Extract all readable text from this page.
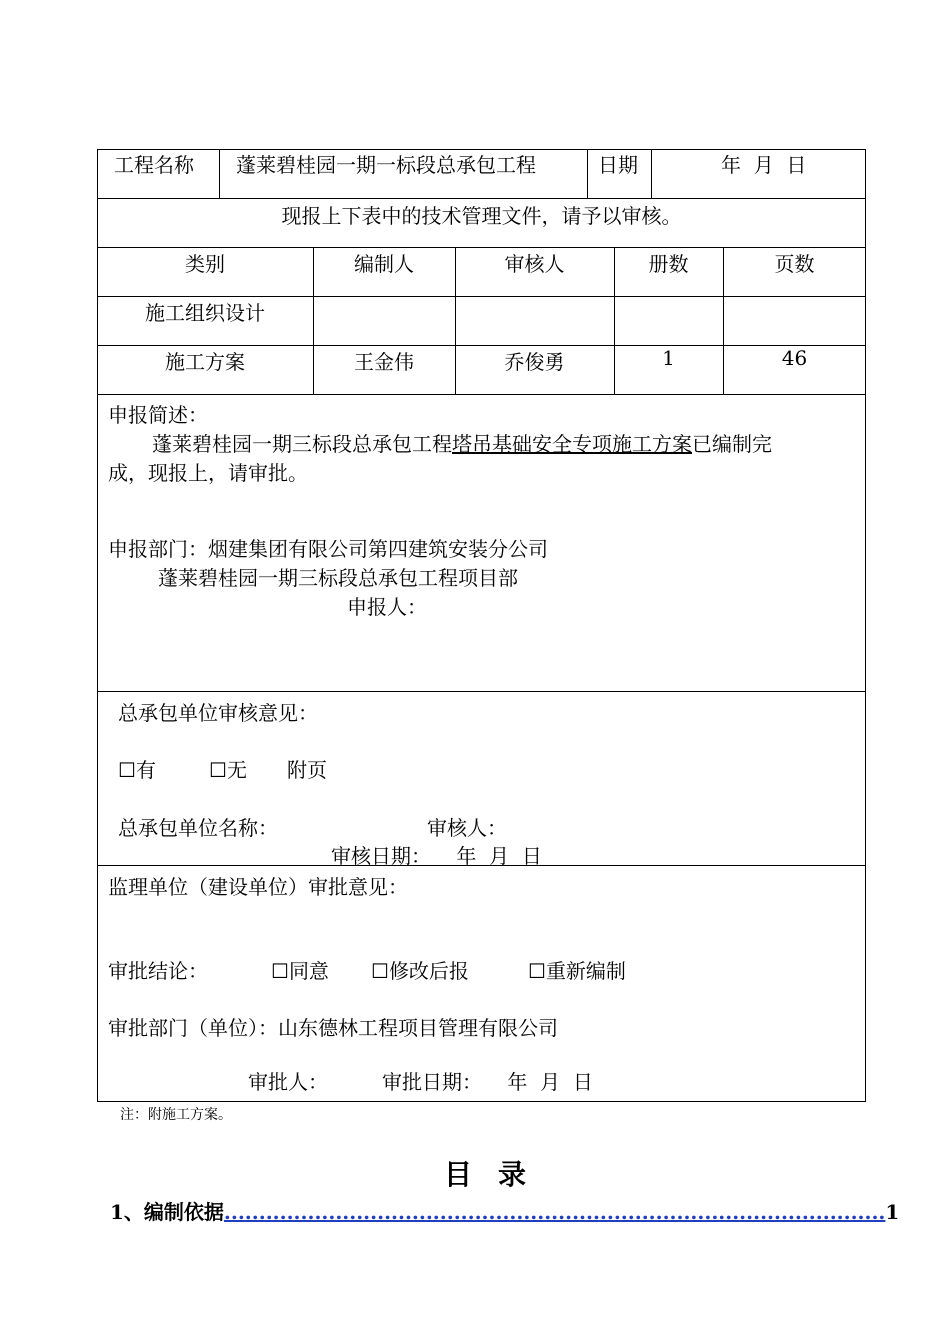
工程名称 蓬莱碧桂园一期一标段总承包工程	日期	年  月  日
现报上下表中的技术管理文件，请予以审核。
类别	编制人	审核人	册数	页数
施工组织设计
施工方案	王金伟	乔俊勇	1	46
申报简述：
蓬莱碧桂园一期三标段总承包工程塔吊基础安全专项施工方案已编制完
成，现报上，请审批。
申报部门：烟建集团有限公司第四建筑安装分公司
蓬莱碧桂园一期三标段总承包工程项目部
申报人：
总承包单位审核意见：
☐有	☐无 附页
总承包单位名称：	审核人：
审核日期：    年  月  日
监理单位（建设单位）审批意见：
审批结论：	☐同意 ☐修改后报	☐重新编制
审批部门（单位）：山东德林工程项目管理有限公司
审批人：	审批日期：    年  月  日
注：附施工方案。
目录
1、编制依据...............................................................................................1
